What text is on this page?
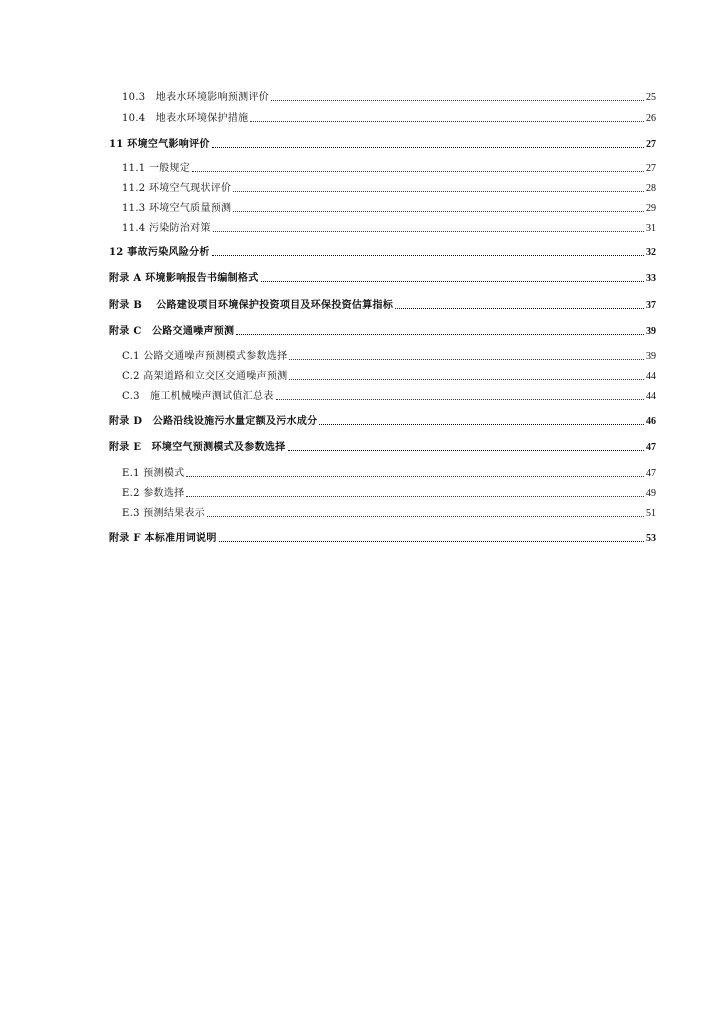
10.3　地表水环境影响预测评价	25
10.4　地表水环境保护措施	26
11 环境空气影响评价	27
11.1 一般规定	27
11.2 环境空气现状评价	28
11.3 环境空气质量预测	29
11.4 污染防治对策	31
12 事故污染风险分析	32
附录 A 环境影响报告书编制格式	33
附录 B　 公路建设项目环境保护投资项目及环保投资估算指标	37
附录 C　公路交通噪声预测	39
C.1 公路交通噪声预测模式参数选择	39
C.2 高架道路和立交区交通噪声预测	44
C.3　施工机械噪声测试值汇总表	44
附录 D　公路沿线设施污水量定额及污水成分	46
附录 E　环境空气预测模式及参数选择	47
E.1 预测模式	47
E.2 参数选择	49
E.3 预测结果表示	51
附录 F 本标准用词说明	53
